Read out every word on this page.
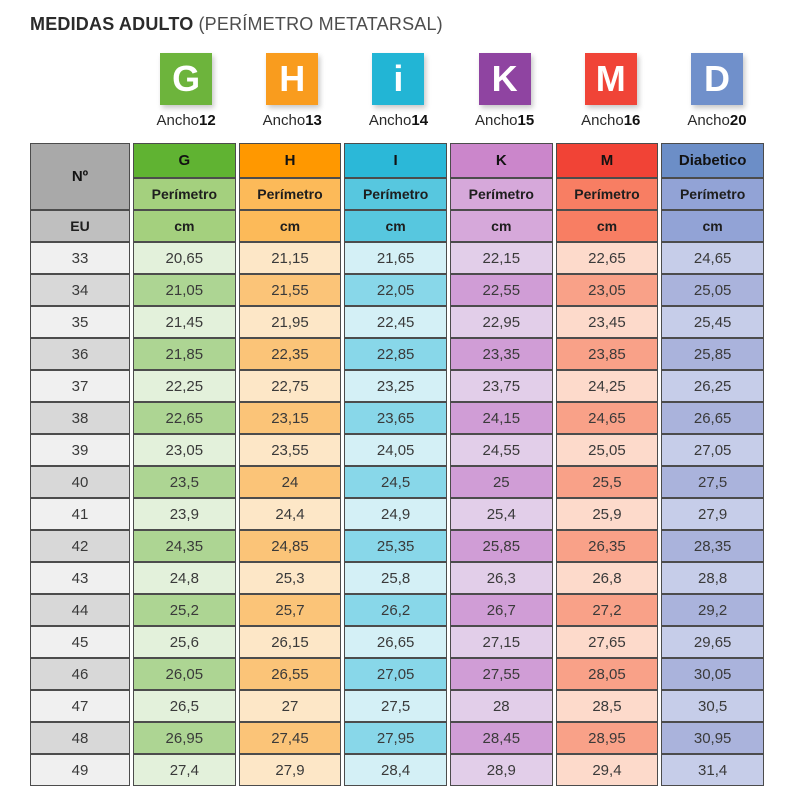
MEDIDAS ADULTO (PERÍMETRO METATARSAL)
G
Ancho12
H
Ancho13
i
Ancho14
K
Ancho15
M
Ancho16
D
Ancho20
Nº	G	H	I	K	M	Diabetico
	Perímetro	Perímetro	Perímetro	Perímetro	Perímetro	Perímetro
EU	cm	cm	cm	cm	cm	cm
33	20,65	21,15	21,65	22,15	22,65	24,65
34	21,05	21,55	22,05	22,55	23,05	25,05
35	21,45	21,95	22,45	22,95	23,45	25,45
36	21,85	22,35	22,85	23,35	23,85	25,85
37	22,25	22,75	23,25	23,75	24,25	26,25
38	22,65	23,15	23,65	24,15	24,65	26,65
39	23,05	23,55	24,05	24,55	25,05	27,05
40	23,5	24	24,5	25	25,5	27,5
41	23,9	24,4	24,9	25,4	25,9	27,9
42	24,35	24,85	25,35	25,85	26,35	28,35
43	24,8	25,3	25,8	26,3	26,8	28,8
44	25,2	25,7	26,2	26,7	27,2	29,2
45	25,6	26,15	26,65	27,15	27,65	29,65
46	26,05	26,55	27,05	27,55	28,05	30,05
47	26,5	27	27,5	28	28,5	30,5
48	26,95	27,45	27,95	28,45	28,95	30,95
49	27,4	27,9	28,4	28,9	29,4	31,4
